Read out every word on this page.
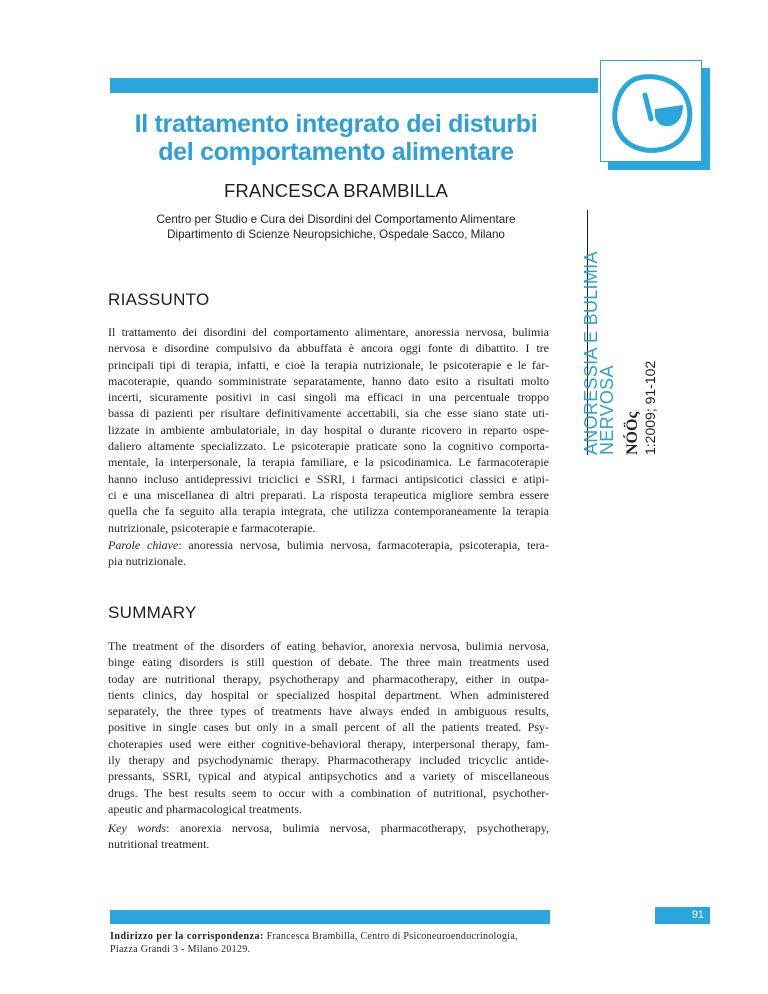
Il trattamento integrato dei disturbi
del comportamento alimentare
FRANCESCA BRAMBILLA
Centro per Studio e Cura dei Disordini del Comportamento Alimentare
Dipartimento di Scienze Neuropsichiche, Ospedale Sacco, Milano
ANORESSIA E BULIMIA
NERVOSA NÓÖς 1:2009; 91-102
RIASSUNTO
Il trattamento dei disordini del comportamento alimentare, anoressia nervosa, bulimia
nervosa e disordine compulsivo da abbuffata è ancora oggi fonte di dibattito. I tre
principali tipi di terapia, infatti, e cioè la terapia nutrizionale, le psicoterapie e le far-
macoterapie, quando somministrate separatamente, hanno dato esito a risultati molto
incerti, sicuramente positivi in casi singoli ma efficaci in una percentuale troppo
bassa di pazienti per risultare definitivamente accettabili, sia che esse siano state uti-
lizzate in ambiente ambulatoriale, in day hospital o durante ricovero in reparto ospe-
daliero altamente specializzato. Le psicoterapie praticate sono la cognitivo comporta-
mentale, la interpersonale, la terapia familiare, e la psicodinamica. Le farmacoterapie
hanno incluso antidepressivi triciclici e SSRI, i farmaci antipsicotici classici e atipi-
ci e una miscellanea di altri preparati. La risposta terapeutica migliore sembra essere
quella che fa seguito alla terapia integrata, che utilizza contemporaneamente la terapia
nutrizionale, psicoterapie e farmacoterapie.
Parole chiave: anoressia nervosa, bulimia nervosa, farmacoterapia, psicoterapia, tera-
pia nutrizionale.
SUMMARY
The treatment of the disorders of eating behavior, anorexia nervosa, bulimia nervosa,
binge eating disorders is still question of debate. The three main treatments used
today are nutritional therapy, psychotherapy and pharmacotherapy, either in outpa-
tients clinics, day hospital or specialized hospital department. When administered
separately, the three types of treatments have always ended in ambiguous results,
positive in single cases but only in a small percent of all the patients treated. Psy-
choterapies used were either cognitive-behavioral therapy, interpersonal therapy, fam-
ily therapy and psychodynamic therapy. Pharmacotherapy included tricyclic antide-
pressants, SSRI, typical and atypical antipsychotics and a variety of miscellaneous
drugs. The best results seem to occur with a combination of nutritional, psychother-
apeutic and pharmacological treatments.
Key words: anorexia nervosa, bulimia nervosa, pharmacotherapy, psychotherapy,
nutritional treatment.
91
Indirizzo per la corrispondenza: Francesca Brambilla, Centro di Psiconeuroendocrinologia,
Piazza Grandi 3 - Milano 20129.
